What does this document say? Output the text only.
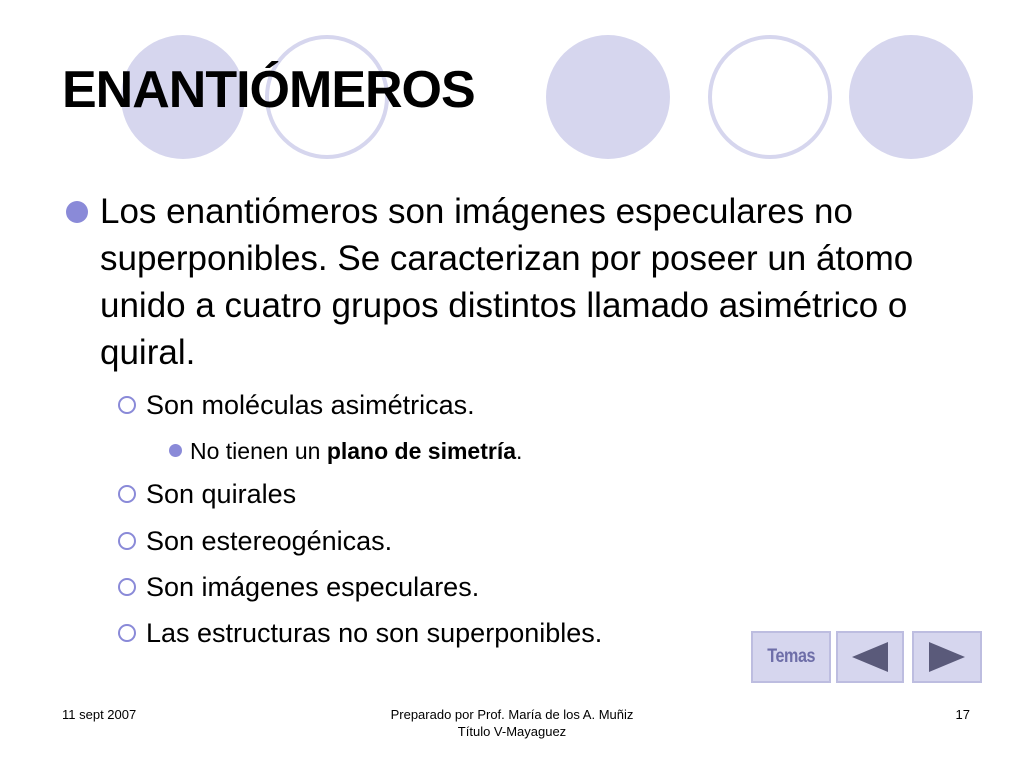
ENANTIÓMEROS
Los enantiómeros son imágenes especulares no superponibles. Se caracterizan por poseer un átomo unido a cuatro grupos distintos llamado asimétrico o quiral.
Son moléculas asimétricas.
No tienen un plano de simetría.
Son quirales
Son estereogénicas.
Son imágenes especulares.
Las estructuras no son superponibles.
Temas
11 sept 2007	Preparado por Prof. María de los A. Muñiz
Título V-Mayaguez
17
